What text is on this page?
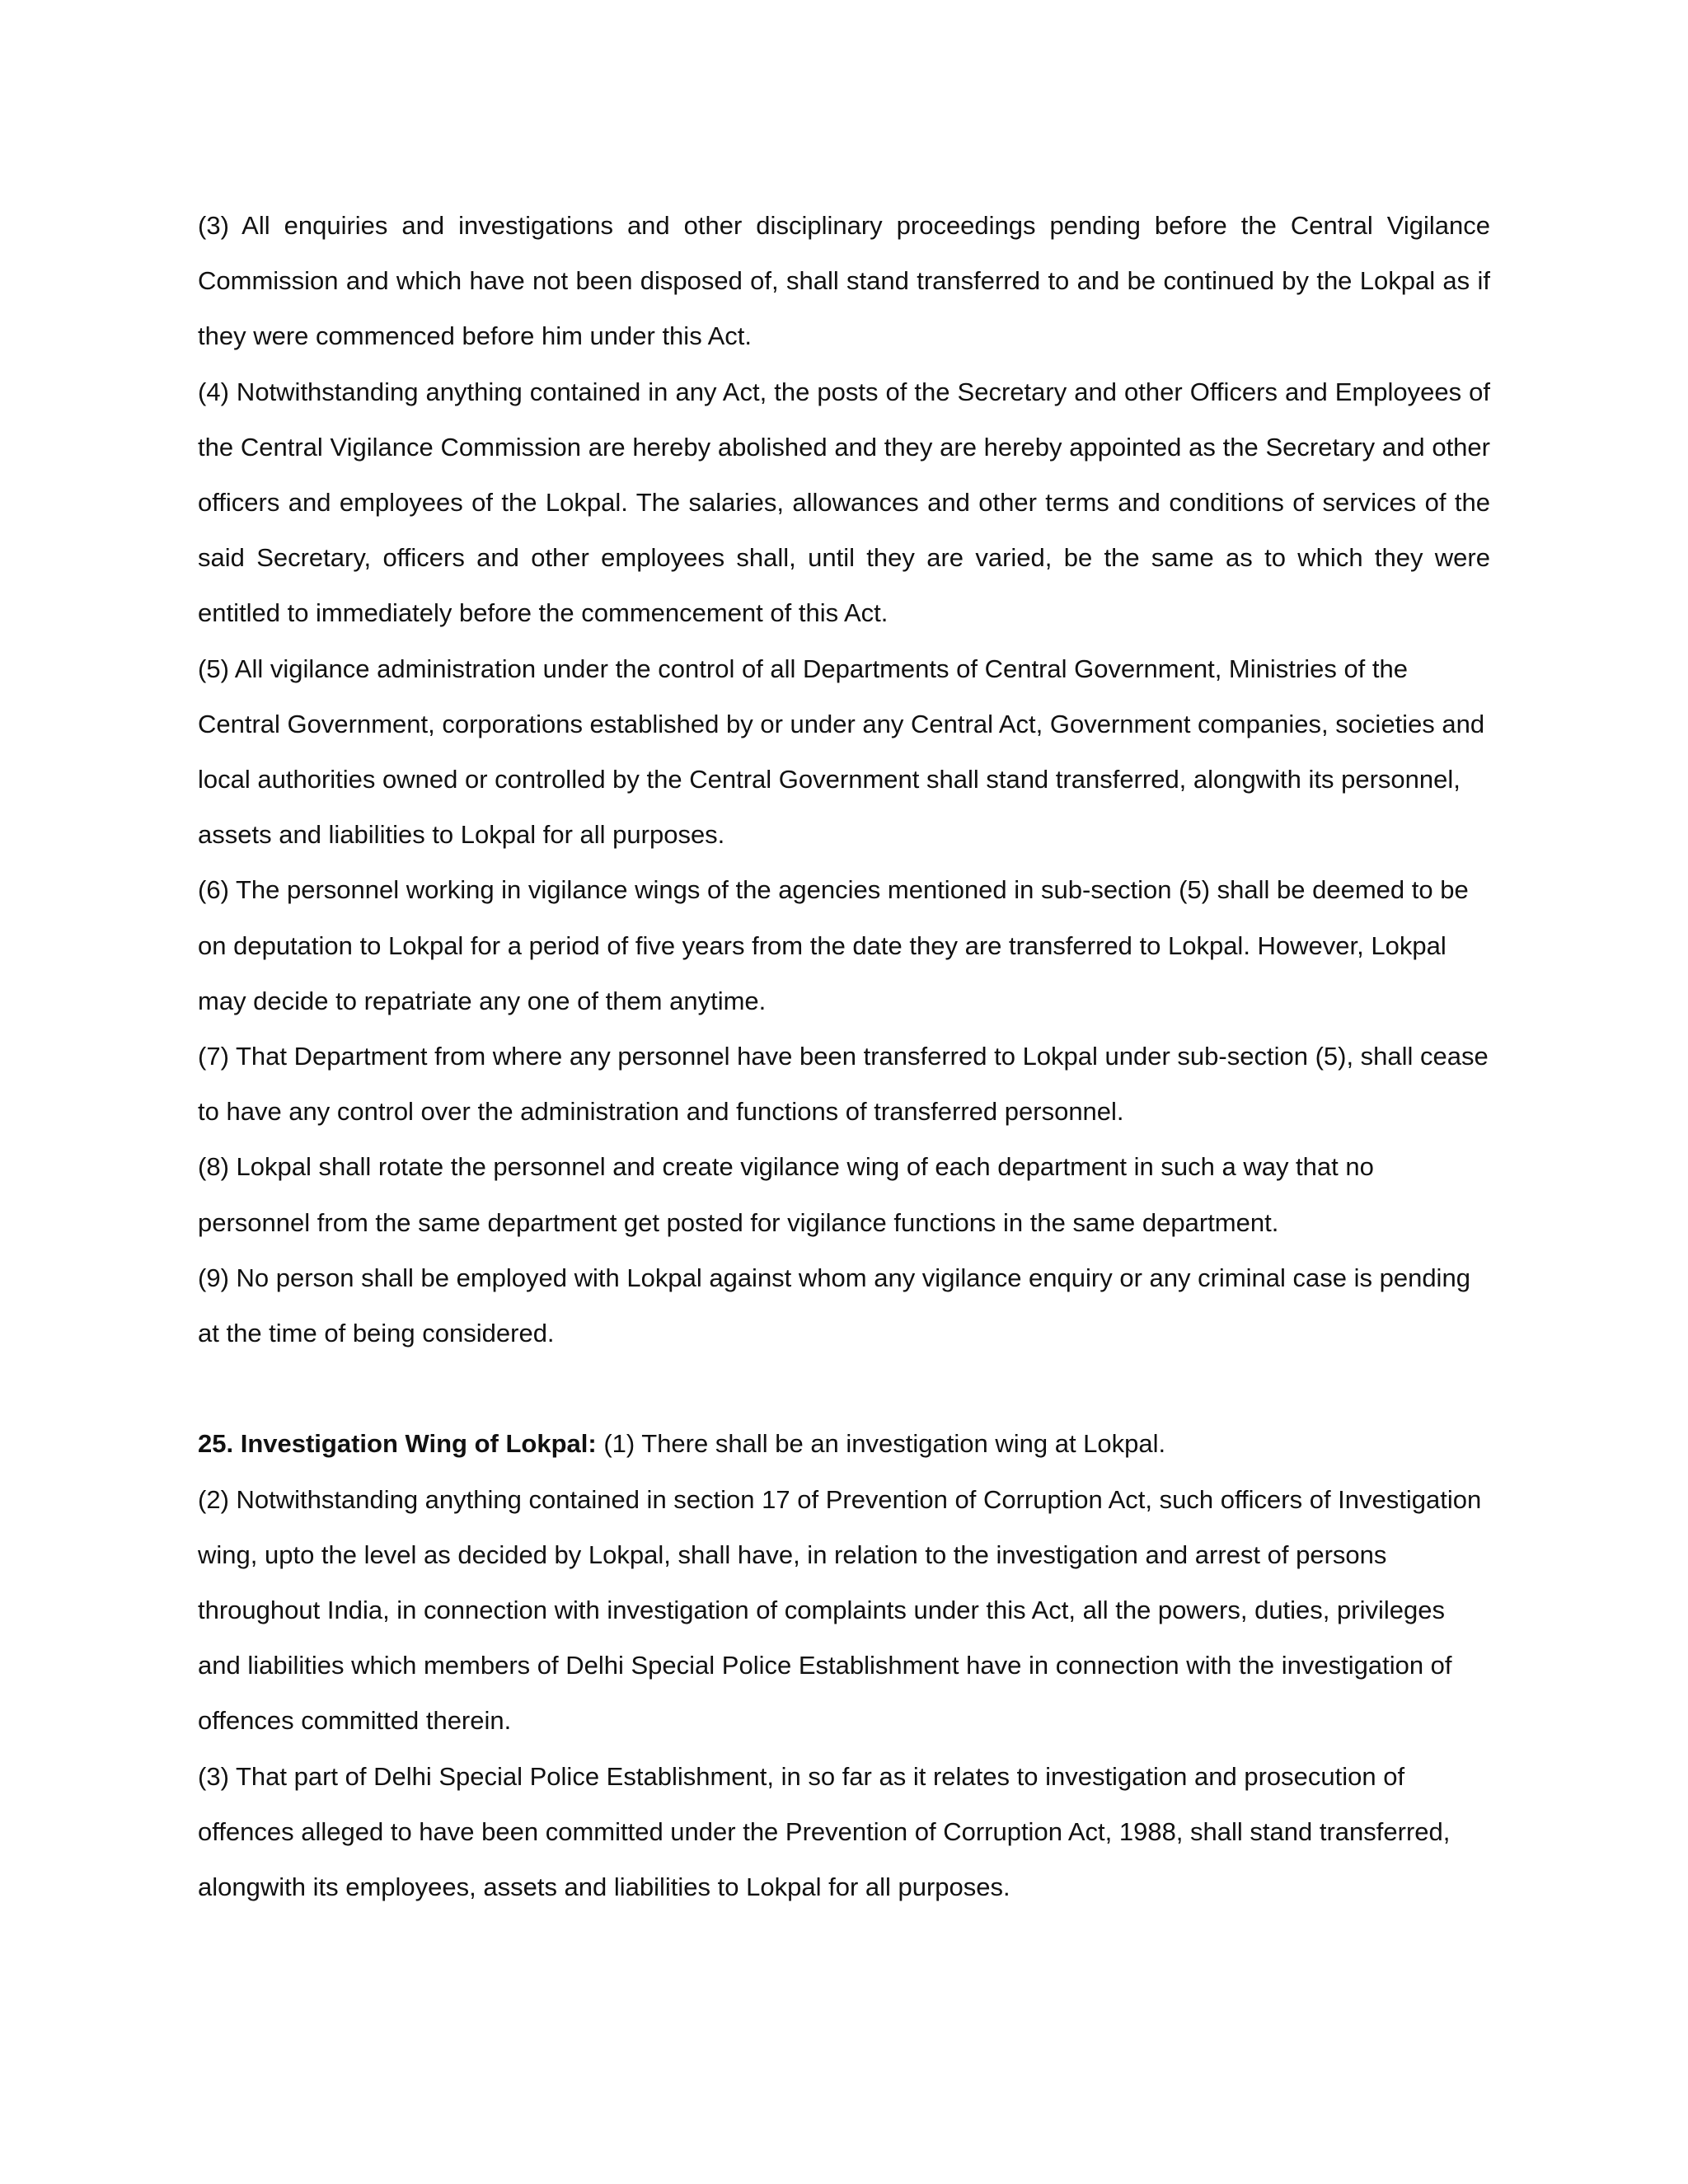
(3) All enquiries and investigations and other disciplinary proceedings pending before the Central Vigilance Commission and which have not been disposed of, shall stand transferred to and be continued by the Lokpal as if they were commenced before him under this Act.

(4) Notwithstanding anything contained in any Act, the posts of the Secretary and other Officers and Employees of the Central Vigilance Commission are hereby abolished and they are hereby appointed as the Secretary and other officers and employees of the Lokpal. The salaries, allowances and other terms and conditions of services of the said Secretary, officers and other employees shall, until they are varied, be the same as to which they were entitled to immediately before the commencement of this Act.

(5) All vigilance administration under the control of all Departments of Central Government, Ministries of the Central Government, corporations established by or under any Central Act, Government companies, societies and local authorities owned or controlled by the Central Government shall stand transferred, alongwith its personnel, assets and liabilities to Lokpal for all purposes.

(6) The personnel working in vigilance wings of the agencies mentioned in sub-section (5) shall be deemed to be on deputation to Lokpal for a period of five years from the date they are transferred to Lokpal. However, Lokpal may decide to repatriate any one of them anytime.

(7) That Department from where any personnel have been transferred to Lokpal under sub-section (5), shall cease to have any control over the administration and functions of transferred personnel.

(8) Lokpal shall rotate the personnel and create vigilance wing of each department in such a way that no personnel from the same department get posted for vigilance functions in the same department.

(9) No person shall be employed with Lokpal against whom any vigilance enquiry or any criminal case is pending at the time of being considered.

25. Investigation Wing of Lokpal: (1) There shall be an investigation wing at Lokpal.

(2) Notwithstanding anything contained in section 17 of Prevention of Corruption Act, such officers of Investigation wing, upto the level as decided by Lokpal, shall have, in relation to the investigation and arrest of persons throughout India, in connection with investigation of complaints under this Act, all the powers, duties, privileges and liabilities which members of Delhi Special Police Establishment have in connection with the investigation of offences committed therein.

(3) That part of Delhi Special Police Establishment, in so far as it relates to investigation and prosecution of offences alleged to have been committed under the Prevention of Corruption Act, 1988, shall stand transferred, alongwith its employees, assets and liabilities to Lokpal for all purposes.
